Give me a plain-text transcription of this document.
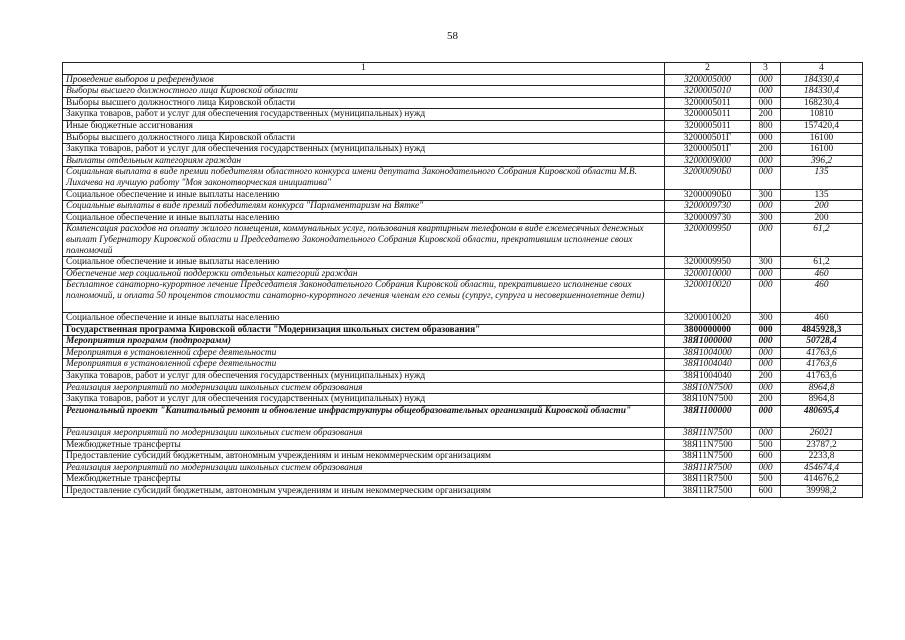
58
1	2	3	4
Проведение выборов и референдумов	3200005000	000	184330,4
Выборы высшего должностного лица Кировской области	3200005010	000	184330,4
Выборы высшего должностного лица Кировской области	3200005011	000	168230,4
Закупка товаров, работ и услуг для обеспечения государственных (муниципальных) нужд	3200005011	200	10810
Иные бюджетные ассигнования	3200005011	800	157420,4
Выборы высшего должностного лица Кировской области	320000501Г	000	16100
Закупка товаров, работ и услуг для обеспечения государственных (муниципальных) нужд	320000501Г	200	16100
Выплаты отдельным категориям граждан	3200009000	000	396,2
Социальная выплата в виде премии победителям областного конкурса имени депутата Законодательного Собрания Кировской области М.В. Лихачева на лучшую работу "Моя законотворческая инициатива"	32000090Б0	000	135
Социальное обеспечение и иные выплаты населению	32000090Б0	300	135
Социальные выплаты в виде премий победителям конкурса "Парламентаризм на Вятке"	3200009730	000	200
Социальное обеспечение и иные выплаты населению	3200009730	300	200
Компенсация расходов на оплату жилого помещения, коммунальных услуг, пользования квартирным телефоном в виде ежемесячных денежных выплат Губернатору Кировской области и Председателю Законодательного Собрания Кировской области, прекратившим исполнение своих полномочий	3200009950	000	61,2
Социальное обеспечение и иные выплаты населению	3200009950	300	61,2
Обеспечение мер социальной поддержки отдельных категорий граждан	3200010000	000	460
Бесплатное санаторно-курортное лечение Председателя Законодательного Собрания Кировской области, прекратившего исполнение своих полномочий, и оплата 50 процентов стоимости санаторно-курортного лечения членам его семьи (супруг, супруга и несовершеннолетние дети)	3200010020	000	460
Социальное обеспечение и иные выплаты населению	3200010020	300	460
Государственная программа Кировской области "Модернизация школьных систем образования"	3800000000	000	4845928,3
Мероприятия программ (подпрограмм)	38Я1000000	000	50728,4
Мероприятия в установленной сфере деятельности	38Я1004000	000	41763,6
Мероприятия в установленной сфере деятельности	38Я1004040	000	41763,6
Закупка товаров, работ и услуг для обеспечения государственных (муниципальных) нужд	38Я1004040	200	41763,6
Реализация мероприятий по модернизации школьных систем образования	38Я10N7500	000	8964,8
Закупка товаров, работ и услуг для обеспечения государственных (муниципальных) нужд	38Я10N7500	200	8964,8
Региональный проект "Капитальный ремонт и обновление инфраструктуры общеобразовательных организаций Кировской области"	38Я1100000	000	480695,4
Реализация мероприятий по модернизации школьных систем образования	38Я11N7500	000	26021
Межбюджетные трансферты	38Я11N7500	500	23787,2
Предоставление субсидий бюджетным, автономным учреждениям и иным некоммерческим организациям	38Я11N7500	600	2233,8
Реализация мероприятий по модернизации школьных систем образования	38Я11R7500	000	454674,4
Межбюджетные трансферты	38Я11R7500	500	414676,2
Предоставление субсидий бюджетным, автономным учреждениям и иным некоммерческим организациям	38Я11R7500	600	39998,2
